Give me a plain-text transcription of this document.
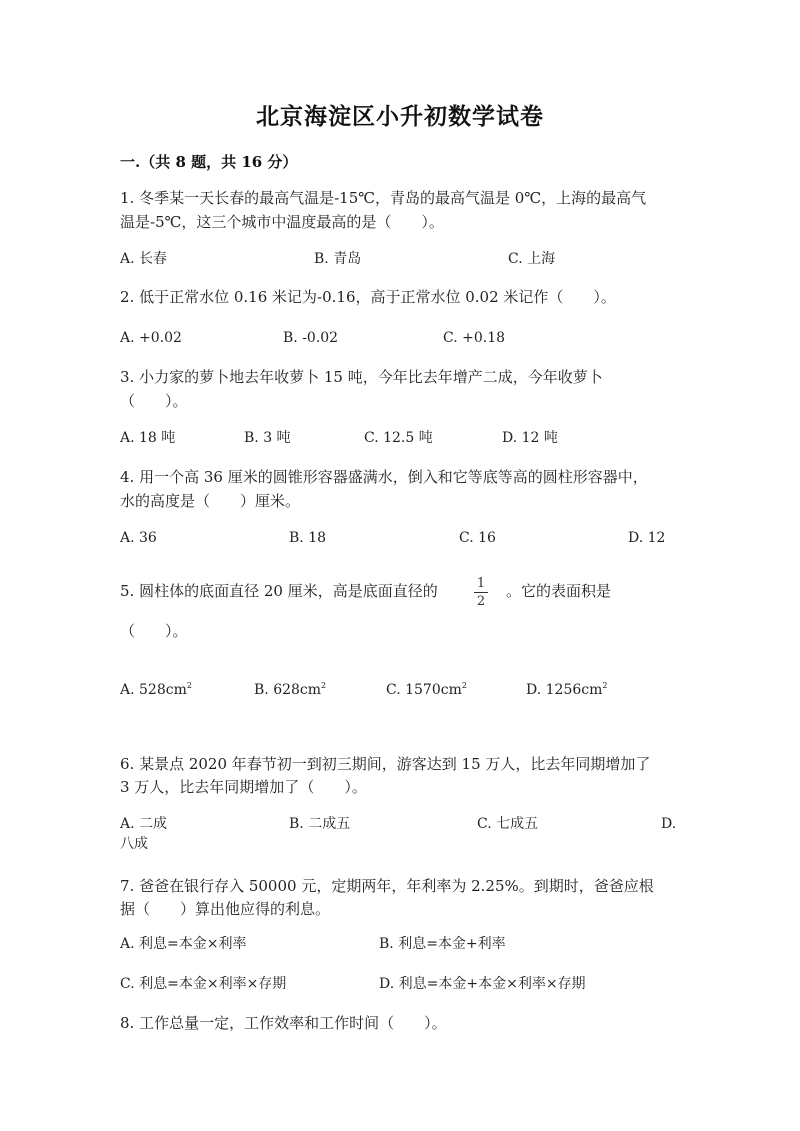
北京海淀区小升初数学试卷
一.（共 8 题，共 16 分）
1. 冬季某一天长春的最高气温是-15℃，青岛的最高气温是 0℃，上海的最高气
温是-5℃，这三个城市中温度最高的是（　　）。
A. 长春	B. 青岛	C. 上海
2. 低于正常水位 0.16 米记为-0.16，高于正常水位 0.02 米记作（　　）。
A. +0.02	B. -0.02	C. +0.18
3. 小力家的萝卜地去年收萝卜 15 吨，今年比去年增产二成，今年收萝卜
（　　）。
A. 18 吨	B. 3 吨	C. 12.5 吨	D. 12 吨
4. 用一个高 36 厘米的圆锥形容器盛满水，倒入和它等底等高的圆柱形容器中，
水的高度是（　　）厘米。
A. 36	B. 18	C. 16	D. 12
5. 圆柱体的底面直径 20 厘米，高是底面直径的	1
2
。它的表面积是
（　　）。
A. $528cm^2$	B. $628cm^2$	C. $1570cm^2$	D. $1256cm^2$
6. 某景点 2020 年春节初一到初三期间，游客达到 15 万人，比去年同期增加了
3 万人，比去年同期增加了（　　）。
A. 二成	B. 二成五	C. 七成五	D.
八成
7. 爸爸在银行存入 50000 元，定期两年，年利率为 2.25%。到期时，爸爸应根
据（　　）算出他应得的利息。
A. 利息=本金×利率	B. 利息=本金+利率
C. 利息=本金×利率×存期	D. 利息=本金+本金×利率×存期
8. 工作总量一定，工作效率和工作时间（　　）。
